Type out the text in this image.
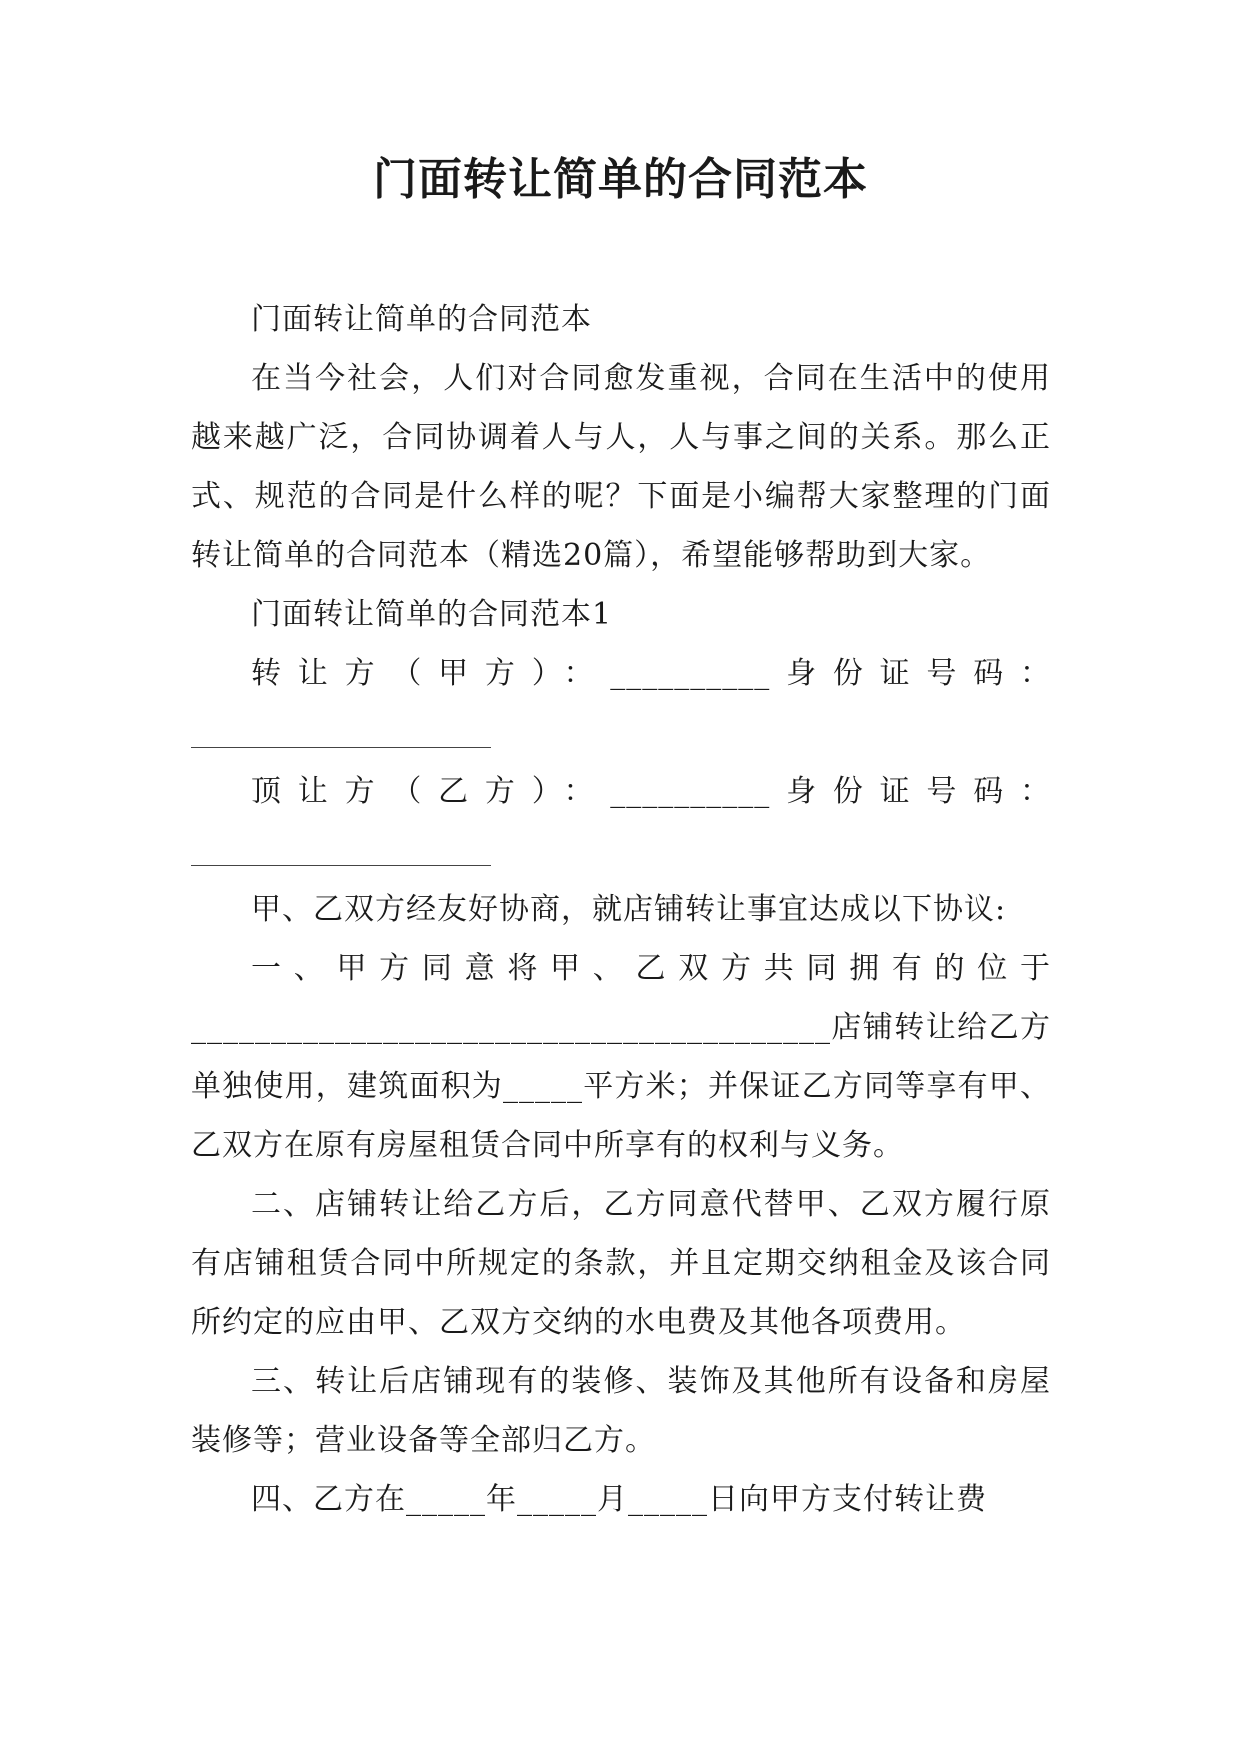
门面转让简单的合同范本

门面转让简单的合同范本

在当今社会，人们对合同愈发重视，合同在生活中的使用越来越广泛，合同协调着人与人，人与事之间的关系。那么正式、规范的合同是什么样的呢？下面是小编帮大家整理的门面转让简单的合同范本（精选20篇），希望能够帮助到大家。

门面转让简单的合同范本1

转让方（甲方）：__________身份证号码：

顶让方（乙方）：__________身份证号码：

甲、乙双方经友好协商，就店铺转让事宜达成以下协议:

一、甲方同意将甲、乙双方共同拥有的位于________________________________________店铺转让给乙方单独使用，建筑面积为_____平方米；并保证乙方同等享有甲、乙双方在原有房屋租赁合同中所享有的权利与义务。

二、店铺转让给乙方后，乙方同意代替甲、乙双方履行原有店铺租赁合同中所规定的条款，并且定期交纳租金及该合同所约定的应由甲、乙双方交纳的水电费及其他各项费用。

三、转让后店铺现有的装修、装饰及其他所有设备和房屋装修等；营业设备等全部归乙方。

四、乙方在_____年_____月_____日向甲方支付转让费
